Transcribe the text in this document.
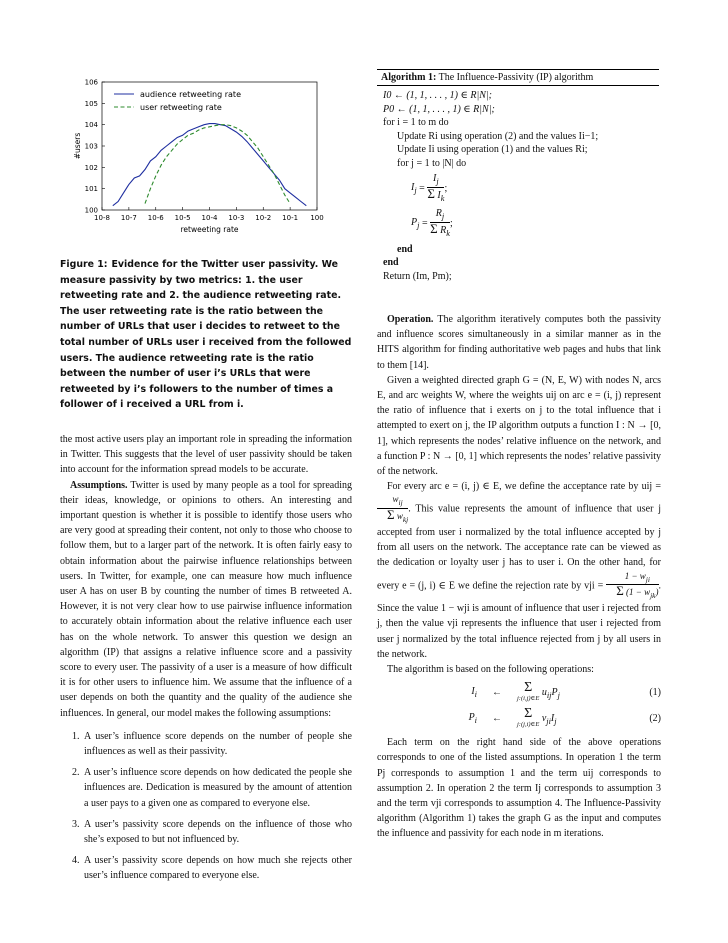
10-8 10-7 10-6 10-5 10-4 10-3 10-2 10-1 100
100
101
102
103
104
105
106
retweeting rate
#users
audience retweeting rate
user retweeting rate

Figure 1: Evidence for the Twitter user passivity. We measure passivity by two metrics: 1. the user retweeting rate and 2. the audience retweeting rate. The user retweeting rate is the ratio between the number of URLs that user i decides to retweet to the total number of URLs user i received from the followed users. The audience retweeting rate is the ratio between the number of user i’s URLs that were retweeted by i’s followers to the number of times a follower of i received a URL from i.

the most active users play an important role in spreading the information in Twitter. This suggests that the level of user passivity should be taken into account for the information spread models to be accurate.

Assumptions. Twitter is used by many people as a tool for spreading their ideas, knowledge, or opinions to others. An interesting and important question is whether it is possible to identify those users who are very good at spreading their content, not only to those who choose to follow them, but to a larger part of the network. It is often fairly easy to obtain information about the pairwise influence relationships between users. In Twitter, for example, one can measure how much influence user A has on user B by counting the number of times B retweeted A. However, it is not very clear how to use pairwise influence information to accurately obtain information about the relative influence each user has on the whole network. To answer this question we design an algorithm (IP) that assigns a relative influence score and a passivity score to every user. The passivity of a user is a measure of how difficult it is for other users to influence him. We assume that the influence of a user depends on both the quantity and the quality of the audience she influences. In general, our model makes the following assumptions:

1. A user’s influence score depends on the number of people she influences as well as their passivity.
2. A user’s influence score depends on how dedicated the people she influences are. Dedication is measured by the amount of attention a user pays to a given one as compared to everyone else.
3. A user’s passivity score depends on the influence of those who she’s exposed to but not influenced by.
4. A user’s passivity score depends on how much she rejects other user’s influence compared to everyone else.
Algorithm 1: The Influence-Passivity (IP) algorithm
I0 ← (1, 1, . . . , 1) ∈ R|N|;
P0 ← (1, 1, . . . , 1) ∈ R|N|;
for i = 1 to m do
Update Ri using operation (2) and the values Ii−1;
Update Ii using operation (1) and the values Ri;
for j = 1 to |N| do
$I_j = \frac{I_j}{\Sigma I_k}$ ;
$P_j = \frac{R_j}{\Sigma R_k}$ ;
end
end
Return (Im, Pm);

Operation. The algorithm iteratively computes both the passivity and influence scores simultaneously in a similar manner as in the HITS algorithm for finding authoritative web pages and hubs that link to them [14].

Given a weighted directed graph G = (N, E, W) with nodes N, arcs E, and arc weights W, where the weights uij on arc e = (i, j) represent the ratio of influence that i exerts on j to the total influence that i attempted to exert on j, the IP algorithm outputs a function I : N → [0, 1], which represents the nodes’ relative influence on the network, and a function P : N → [0, 1] which represents the nodes’ relative passivity of the network.

For every arc e = (i, j) ∈ E, we define the acceptance rate by uij =
$\frac{w_{ij}}{\Sigma w_{kj}}$ . This value represents the amount of influence that user j accepted from user i normalized by the total influence accepted by j from all users on the network. The acceptance rate can be viewed as the dedication or loyalty user j has to user i. On the other hand, for every e = (j, i) ∈ E we define the rejection rate by vji = $\frac{1 - w_{ji}}{\Sigma (1 - w_{jk})}$ . Since the value 1 − wji is amount of influence that user i rejected from j, then the value vji represents the influence that user i rejected from user j normalized by the total influence rejected from j by all users in the network.

The algorithm is based on the following operations:

$I_i$	←	Σ
j:(i,j)∈E
$u_{ij}P_j$	(1)
$P_i$	←	Σ
j:(j,i)∈E
$v_{ji}I_j$	(2)

Each term on the right hand side of the above operations corresponds to one of the listed assumptions. In operation 1 the term Pj corresponds to assumption 1 and the term uij corresponds to assumption 2. In operation 2 the term Ij corresponds to assumption 3 and the term vji corresponds to assumption 4. The Influence-Passivity algorithm (Algorithm 1) takes the graph G as the input and computes the influence and passivity for each node in m iterations.
